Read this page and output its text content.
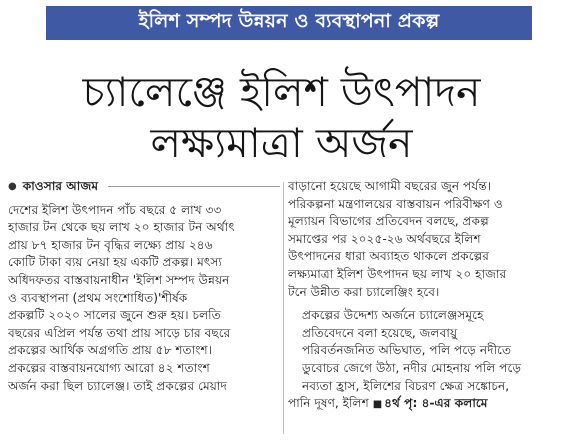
ইলিশ সম্পদ উন্নয়ন ও ব্যবস্থাপনা প্রকল্প
চ্যালেঞ্জে ইলিশ উৎপাদন
লক্ষ্যমাত্রা অর্জন
● কাওসার আজম
দেশের ইলিশ উৎপাদন পাঁচ বছরে ৫ লাখ ৩৩
হাজার টন থেকে ছয় লাখ ২০ হাজার টন অর্থাৎ
প্রায় ৮৭ হাজার টন বৃদ্ধির লক্ষ্যে প্রায় ২৪৬
কোটি টাকা ব্যয় নেয়া হয় একটি প্রকল্প। মৎস্য
অধিদফতর বাস্তবায়নাধীন 'ইলিশ সম্পদ উন্নয়ন
ও ব্যবস্থাপনা (প্রথম সংশোধিত)'শীর্ষক
প্রকল্পটি ২০২০ সালের জুনে শুরু হয়। চলতি
বছরের এপ্রিল পর্যন্ত তথা প্রায় সাড়ে চার বছরে
প্রকল্পের আর্থিক অগ্রগতি প্রায় ৫৮ শতাংশ।
প্রকল্পের বাস্তবায়নযোগ্য আরো ৪২ শতাংশ
অর্জন করা ছিল চ্যালেঞ্জ। তাই প্রকল্পের মেয়াদ
বাড়ানো হয়েছে আগামী বছরের জুন পর্যন্ত।
পরিকল্পনা মন্ত্রণালয়ের বাস্তবায়ন পরিবীক্ষণ ও
মূল্যায়ন বিভাগের প্রতিবেদন বলছে, প্রকল্প
সমাপ্তের পর ২০২৫-২৬ অর্থবছরে ইলিশ
উৎপাদনের ধারা অব্যাহত থাকলে প্রকল্পের
লক্ষ্যমাত্রা ইলিশ উৎপাদন ছয় লাখ ২০ হাজার
টনে উন্নীত করা চ্যালেঞ্জিং হবে।
প্রকল্পের উদ্দেশ্য অর্জনে চ্যালেঞ্জসমূহে
প্রতিবেদনে বলা হয়েছে, জলবায়ু
পরিবর্তনজনিত অভিঘাত, পলি পড়ে নদীতে
ডুবোচর জেগে উঠা, নদীর মোহনায় পলি পড়ে
নব্যতা হ্রাস, ইলিশের বিচরণ ক্ষেত্র সঙ্কোচন,
পানি দূষণ, ইলিশ ■ ৪র্থ পৃ: ৪-এর কলামে
